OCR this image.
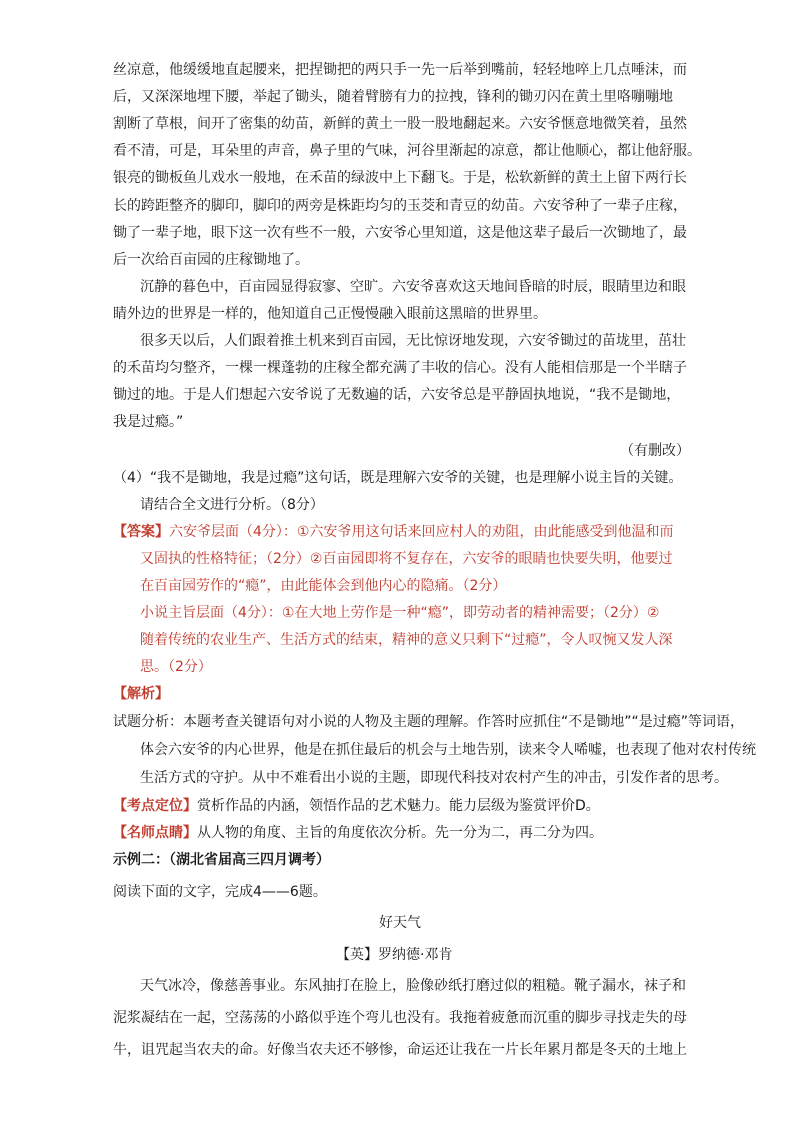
丝凉意，他缓缓地直起腰来，把捏锄把的两只手一先一后举到嘴前，轻轻地啐上几点唾沫，而

后，又深深地埋下腰，举起了锄头，随着臂膀有力的拉拽，锋利的锄刃闪在黄土里咯嘣嘣地

割断了草根，间开了密集的幼苗，新鲜的黄土一股一股地翻起来。六安爷惬意地微笑着，虽然

看不清，可是，耳朵里的声音，鼻子里的气味，河谷里渐起的凉意，都让他顺心，都让他舒服。

银亮的锄板鱼儿戏水一般地，在禾苗的绿波中上下翻飞。于是，松软新鲜的黄土上留下两行长

长的跨距整齐的脚印，脚印的两旁是株距均匀的玉茭和青豆的幼苗。六安爷种了一辈子庄稼，

锄了一辈子地，眼下这一次有些不一般，六安爷心里知道，这是他这辈子最后一次锄地了，最

后一次给百亩园的庄稼锄地了。

沉静的暮色中，百亩园显得寂寥、空旷。六安爷喜欢这天地间昏暗的时辰，眼睛里边和眼

睛外边的世界是一样的，他知道自己正慢慢融入眼前这黑暗的世界里。

很多天以后，人们跟着推土机来到百亩园，无比惊讶地发现，六安爷锄过的苗垅里，茁壮

的禾苗均匀整齐，一棵一棵蓬勃的庄稼全都充满了丰收的信心。没有人能相信那是一个半瞎子

锄过的地。于是人们想起六安爷说了无数遍的话，六安爷总是平静固执地说，“我不是锄地，

我是过瘾。”

（有删改）

（4）“我不是锄地，我是过瘾”这句话，既是理解六安爷的关键，也是理解小说主旨的关键。

请结合全文进行分析。（8分）

【答案】六安爷层面（4分）：①六安爷用这句话来回应村人的劝阻，由此能感受到他温和而

又固执的性格特征；（2分）②百亩园即将不复存在，六安爷的眼睛也快要失明，他要过

在百亩园劳作的“瘾”，由此能体会到他内心的隐痛。（2分）

小说主旨层面（4分）：①在大地上劳作是一种“瘾”，即劳动者的精神需要；（2分）②

随着传统的农业生产、生活方式的结束，精神的意义只剩下“过瘾”，令人叹惋又发人深

思。（2分）

【解析】

试题分析：本题考查关键语句对小说的人物及主题的理解。作答时应抓住“不是锄地”“是过瘾”等词语，

体会六安爷的内心世界，他是在抓住最后的机会与土地告别，读来令人唏嘘，也表现了他对农村传统

生活方式的守护。从中不难看出小说的主题，即现代科技对农村产生的冲击，引发作者的思考。

【考点定位】赏析作品的内涵，领悟作品的艺术魅力。能力层级为鉴赏评价D。

【名师点睛】从人物的角度、主旨的角度依次分析。先一分为二，再二分为四。

示例二：（湖北省届高三四月调考）

阅读下面的文字，完成4——6题。

好天气

【英】罗纳德·邓肯

天气冰冷，像慈善事业。东风抽打在脸上，脸像砂纸打磨过似的粗糙。靴子漏水，袜子和

泥浆凝结在一起，空荡荡的小路似乎连个弯儿也没有。我拖着疲惫而沉重的脚步寻找走失的母

牛，诅咒起当农夫的命。好像当农夫还不够惨，命运还让我在一片长年累月都是冬天的土地上
